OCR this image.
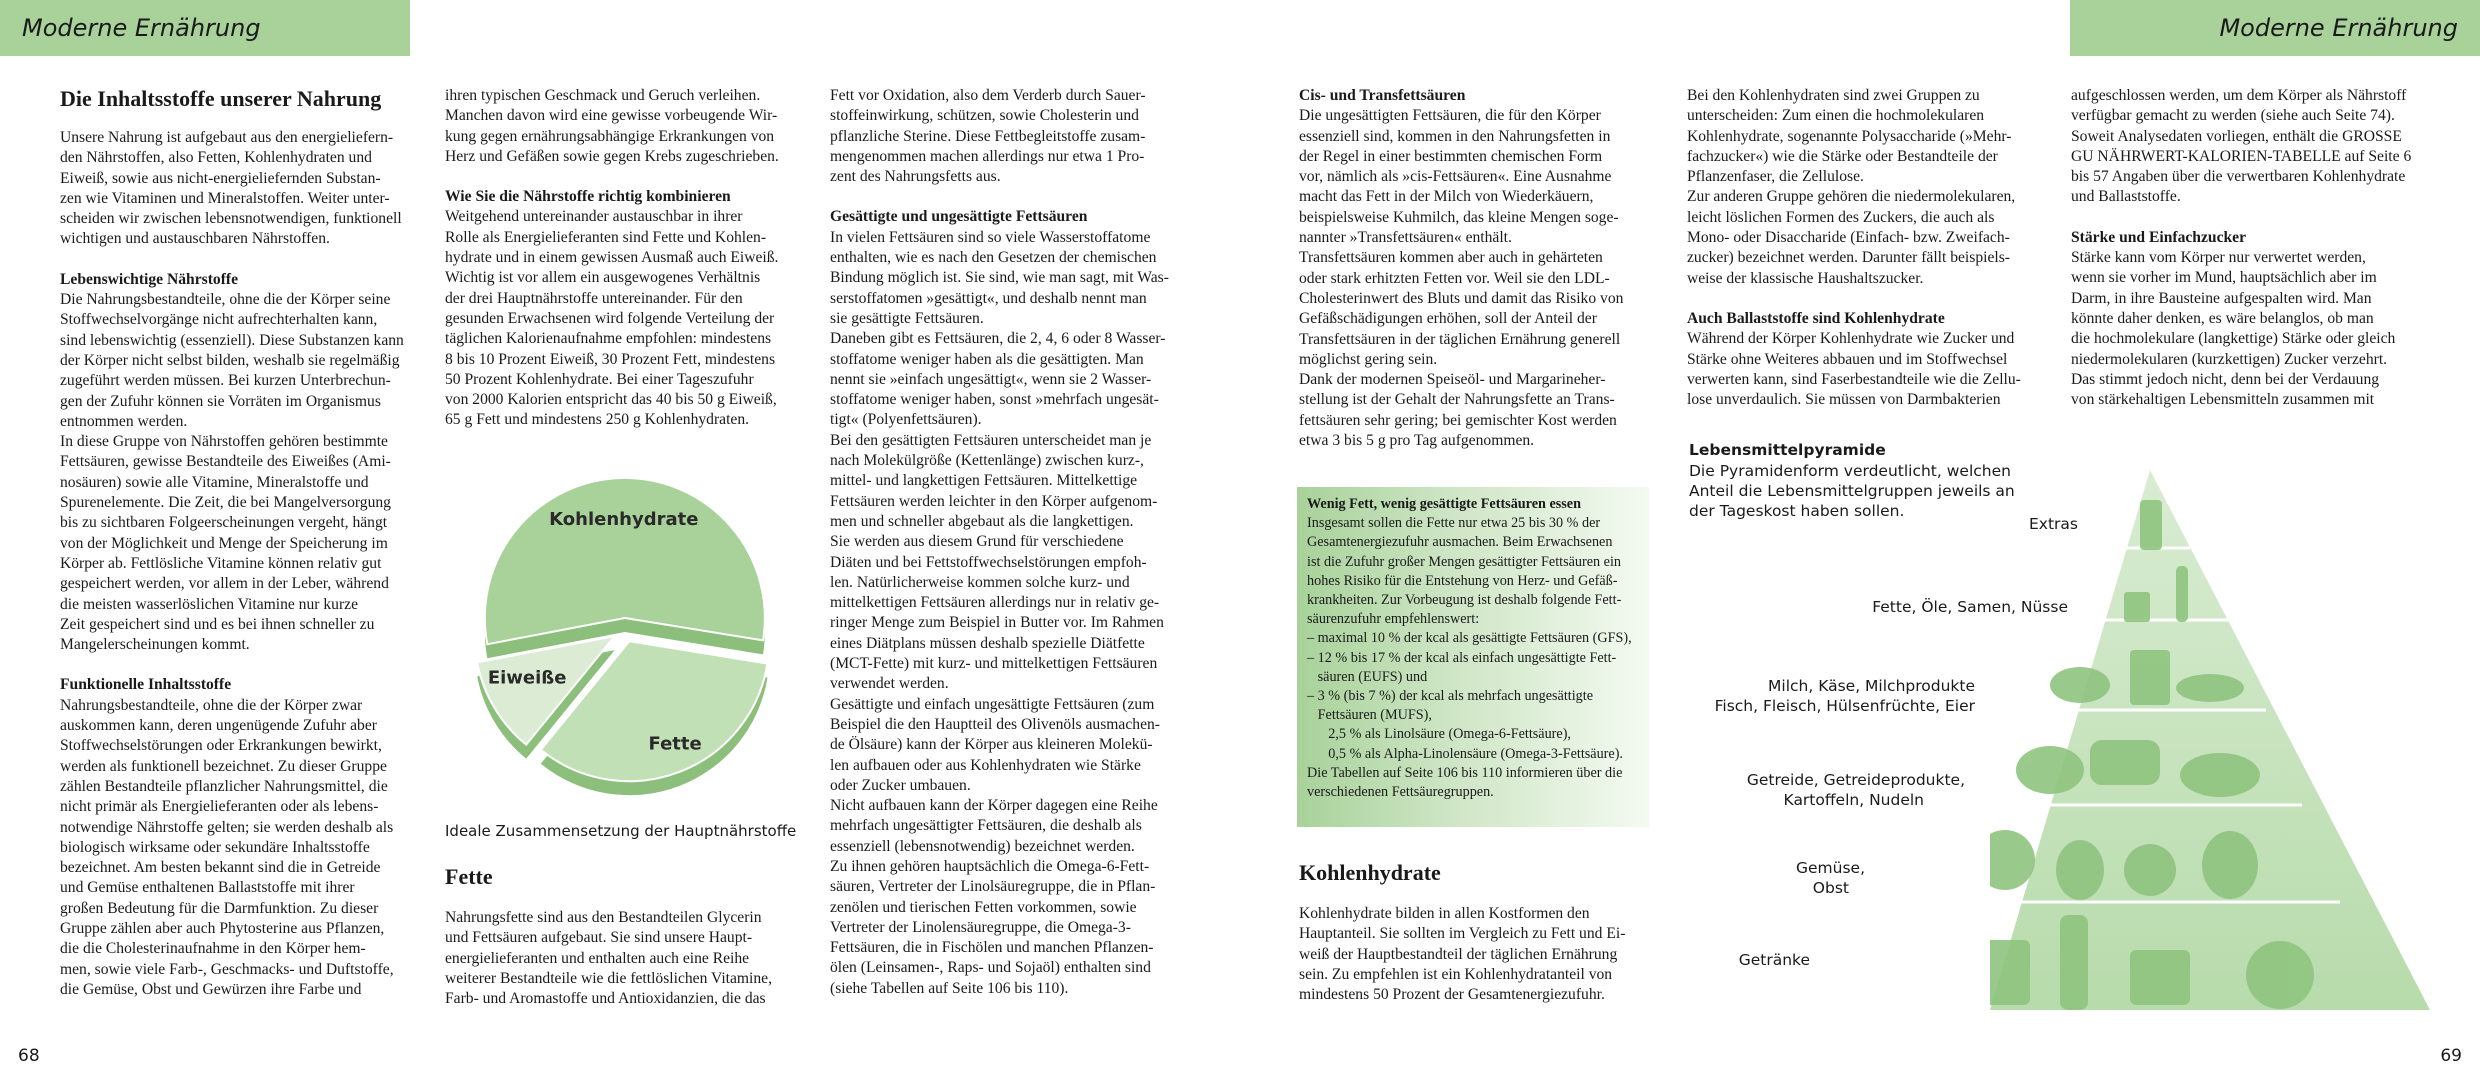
Moderne Ernährung	Moderne Ernährung
Die Inhaltsstoffe unserer Nahrung
Unsere Nahrung ist aufgebaut aus den energieliefern-
den Nährstoffen, also Fetten, Kohlenhydraten und
Eiweiß, sowie aus nicht-energieliefernden Substan-
zen wie Vitaminen und Mineralstoffen. Weiter unter-
scheiden wir zwischen lebensnotwendigen, funktionell
wichtigen und austauschbaren Nährstoffen.
Lebenswichtige Nährstoffe
Die Nahrungsbestandteile, ohne die der Körper seine
Stoffwechselvorgänge nicht aufrechterhalten kann,
sind lebenswichtig (essenziell). Diese Substanzen kann
der Körper nicht selbst bilden, weshalb sie regelmäßig
zugeführt werden müssen. Bei kurzen Unterbrechun-
gen der Zufuhr können sie Vorräten im Organismus
entnommen werden.
In diese Gruppe von Nährstoffen gehören bestimmte
Fettsäuren, gewisse Bestandteile des Eiweißes (Ami-
nosäuren) sowie alle Vitamine, Mineralstoffe und
Spurenelemente. Die Zeit, die bei Mangelversorgung
bis zu sichtbaren Folgeerscheinungen vergeht, hängt
von der Möglichkeit und Menge der Speicherung im
Körper ab. Fettlösliche Vitamine können relativ gut
gespeichert werden, vor allem in der Leber, während
die meisten wasserlöslichen Vitamine nur kurze
Zeit gespeichert sind und es bei ihnen schneller zu
Mangelerscheinungen kommt.
Funktionelle Inhaltsstoffe
Nahrungsbestandteile, ohne die der Körper zwar
auskommen kann, deren ungenügende Zufuhr aber
Stoffwechselstörungen oder Erkrankungen bewirkt,
werden als funktionell bezeichnet. Zu dieser Gruppe
zählen Bestandteile pflanzlicher Nahrungsmittel, die
nicht primär als Energielieferanten oder als lebens-
notwendige Nährstoffe gelten; sie werden deshalb als
biologisch wirksame oder sekundäre Inhaltsstoffe
bezeichnet. Am besten bekannt sind die in Getreide
und Gemüse enthaltenen Ballaststoffe mit ihrer
großen Bedeutung für die Darmfunktion. Zu dieser
Gruppe zählen aber auch Phytosterine aus Pflanzen,
die die Cholesterinaufnahme in den Körper hem-
men, sowie viele Farb-, Geschmacks- und Duftstoffe,
die Gemüse, Obst und Gewürzen ihre Farbe und
ihren typischen Geschmack und Geruch verleihen.
Manchen davon wird eine gewisse vorbeugende Wir-
kung gegen ernährungsabhängige Erkrankungen von
Herz und Gefäßen sowie gegen Krebs zugeschrieben.
Wie Sie die Nährstoffe richtig kombinieren
Weitgehend untereinander austauschbar in ihrer
Rolle als Energielieferanten sind Fette und Kohlen-
hydrate und in einem gewissen Ausmaß auch Eiweiß.
Wichtig ist vor allem ein ausgewogenes Verhältnis
der drei Hauptnährstoffe untereinander. Für den
gesunden Erwachsenen wird folgende Verteilung der
täglichen Kalorienaufnahme empfohlen: mindestens
8 bis 10 Prozent Eiweiß, 30 Prozent Fett, mindestens
50 Prozent Kohlenhydrate. Bei einer Tageszufuhr
von 2000 Kalorien entspricht das 40 bis 50 g Eiweiß,
65 g Fett und mindestens 250 g Kohlenhydraten.
Kohlenhydrate
Fette
Eiweiße
Ideale Zusammensetzung der Hauptnährstoffe
Fette
Nahrungsfette sind aus den Bestandteilen Glycerin
und Fettsäuren aufgebaut. Sie sind unsere Haupt-
energielieferanten und enthalten auch eine Reihe
weiterer Bestandteile wie die fettlöslichen Vitamine,
Farb- und Aromastoffe und Antioxidanzien, die das
Fett vor Oxidation, also dem Verderb durch Sauer-
stoffeinwirkung, schützen, sowie Cholesterin und
pflanzliche Sterine. Diese Fettbegleitstoffe zusam-
mengenommen machen allerdings nur etwa 1 Pro-
zent des Nahrungsfetts aus.
Gesättigte und ungesättigte Fettsäuren
In vielen Fettsäuren sind so viele Wasserstoffatome
enthalten, wie es nach den Gesetzen der chemischen
Bindung möglich ist. Sie sind, wie man sagt, mit Was-
serstoffatomen »gesättigt«, und deshalb nennt man
sie gesättigte Fettsäuren.
Daneben gibt es Fettsäuren, die 2, 4, 6 oder 8 Wasser-
stoffatome weniger haben als die gesättigten. Man
nennt sie »einfach ungesättigt«, wenn sie 2 Wasser-
stoffatome weniger haben, sonst »mehrfach ungesät-
tigt« (Polyenfettsäuren).
Bei den gesättigten Fettsäuren unterscheidet man je
nach Molekülgröße (Kettenlänge) zwischen kurz-,
mittel- und langkettigen Fettsäuren. Mittelkettige
Fettsäuren werden leichter in den Körper aufgenom-
men und schneller abgebaut als die langkettigen.
Sie werden aus diesem Grund für verschiedene
Diäten und bei Fettstoffwechselstörungen empfoh-
len. Natürlicherweise kommen solche kurz- und
mittelkettigen Fettsäuren allerdings nur in relativ ge-
ringer Menge zum Beispiel in Butter vor. Im Rahmen
eines Diätplans müssen deshalb spezielle Diätfette
(MCT-Fette) mit kurz- und mittelkettigen Fettsäuren
verwendet werden.
Gesättigte und einfach ungesättigte Fettsäuren (zum
Beispiel die den Hauptteil des Olivenöls ausmachen-
de Ölsäure) kann der Körper aus kleineren Molekü-
len aufbauen oder aus Kohlenhydraten wie Stärke
oder Zucker umbauen.
Nicht aufbauen kann der Körper dagegen eine Reihe
mehrfach ungesättigter Fettsäuren, die deshalb als
essenziell (lebensnotwendig) bezeichnet werden.
Zu ihnen gehören hauptsächlich die Omega-6-Fett-
säuren, Vertreter der Linolsäuregruppe, die in Pflan-
zenölen und tierischen Fetten vorkommen, sowie
Vertreter der Linolensäuregruppe, die Omega-3-
Fettsäuren, die in Fischölen und manchen Pflanzen-
ölen (Leinsamen-, Raps- und Sojaöl) enthalten sind
(siehe Tabellen auf Seite 106 bis 110).
Cis- und Transfettsäuren
Die ungesättigten Fettsäuren, die für den Körper
essenziell sind, kommen in den Nahrungsfetten in
der Regel in einer bestimmten chemischen Form
vor, nämlich als »cis-Fettsäuren«. Eine Ausnahme
macht das Fett in der Milch von Wiederkäuern,
beispielsweise Kuhmilch, das kleine Mengen soge-
nannter »Transfettsäuren« enthält.
Transfettsäuren kommen aber auch in gehärteten
oder stark erhitzten Fetten vor. Weil sie den LDL-
Cholesterinwert des Bluts und damit das Risiko von
Gefäßschädigungen erhöhen, soll der Anteil der
Transfettsäuren in der täglichen Ernährung generell
möglichst gering sein.
Dank der modernen Speiseöl- und Margarineher-
stellung ist der Gehalt der Nahrungsfette an Trans-
fettsäuren sehr gering; bei gemischter Kost werden
etwa 3 bis 5 g pro Tag aufgenommen.
Wenig Fett, wenig gesättigte Fettsäuren essen
Insgesamt sollen die Fette nur etwa 25 bis 30 % der
Gesamtenergiezufuhr ausmachen. Beim Erwachsenen
ist die Zufuhr großer Mengen gesättigter Fettsäuren ein
hohes Risiko für die Entstehung von Herz- und Gefäß-
krankheiten. Zur Vorbeugung ist deshalb folgende Fett-
säurenzufuhr empfehlenswert:
– maximal 10 % der kcal als gesättigte Fettsäuren (GFS),
– 12 % bis 17 % der kcal als einfach ungesättigte Fett-
säuren (EUFS) und
– 3 % (bis 7 %) der kcal als mehrfach ungesättigte
Fettsäuren (MUFS),
2,5 % als Linolsäure (Omega-6-Fettsäure),
0,5 % als Alpha-Linolensäure (Omega-3-Fettsäure).
Die Tabellen auf Seite 106 bis 110 informieren über die
verschiedenen Fettsäuregruppen.
Kohlenhydrate
Kohlenhydrate bilden in allen Kostformen den
Hauptanteil. Sie sollten im Vergleich zu Fett und Ei-
weiß der Hauptbestandteil der täglichen Ernährung
sein. Zu empfehlen ist ein Kohlenhydratanteil von
mindestens 50 Prozent der Gesamtenergiezufuhr.
Bei den Kohlenhydraten sind zwei Gruppen zu
unterscheiden: Zum einen die hochmolekularen
Kohlenhydrate, sogenannte Polysaccharide (»Mehr-
fachzucker«) wie die Stärke oder Bestandteile der
Pflanzenfaser, die Zellulose.
Zur anderen Gruppe gehören die niedermolekularen,
leicht löslichen Formen des Zuckers, die auch als
Mono- oder Disaccharide (Einfach- bzw. Zweifach-
zucker) bezeichnet werden. Darunter fällt beispiels-
weise der klassische Haushaltszucker.
Auch Ballaststoffe sind Kohlenhydrate
Während der Körper Kohlenhydrate wie Zucker und
Stärke ohne Weiteres abbauen und im Stoffwechsel
verwerten kann, sind Faserbestandteile wie die Zellu-
lose unverdaulich. Sie müssen von Darmbakterien
aufgeschlossen werden, um dem Körper als Nährstoff
verfügbar gemacht zu werden (siehe auch Seite 74).
Soweit Analysedaten vorliegen, enthält die GROSSE
GU NÄHRWERT-KALORIEN-TABELLE auf Seite 6
bis 57 Angaben über die verwertbaren Kohlenhydrate
und Ballaststoffe.
Stärke und Einfachzucker
Stärke kann vom Körper nur verwertet werden,
wenn sie vorher im Mund, hauptsächlich aber im
Darm, in ihre Bausteine aufgespalten wird. Man
könnte daher denken, es wäre belanglos, ob man
die hochmolekulare (langkettige) Stärke oder gleich
niedermolekularen (kurzkettigen) Zucker verzehrt.
Das stimmt jedoch nicht, denn bei der Verdauung
von stärkehaltigen Lebensmitteln zusammen mit
Lebensmittelpyramide
Die Pyramidenform verdeutlicht, welchen
Anteil die Lebensmittelgruppen jeweils an
der Tageskost haben sollen.
Extras
Fette, Öle, Samen, Nüsse
Milch, Käse, Milchprodukte
Fisch, Fleisch, Hülsenfrüchte, Eier
Getreide, Getreideprodukte,
Kartoffeln, Nudeln
Gemüse,
Obst
Getränke
68	69
